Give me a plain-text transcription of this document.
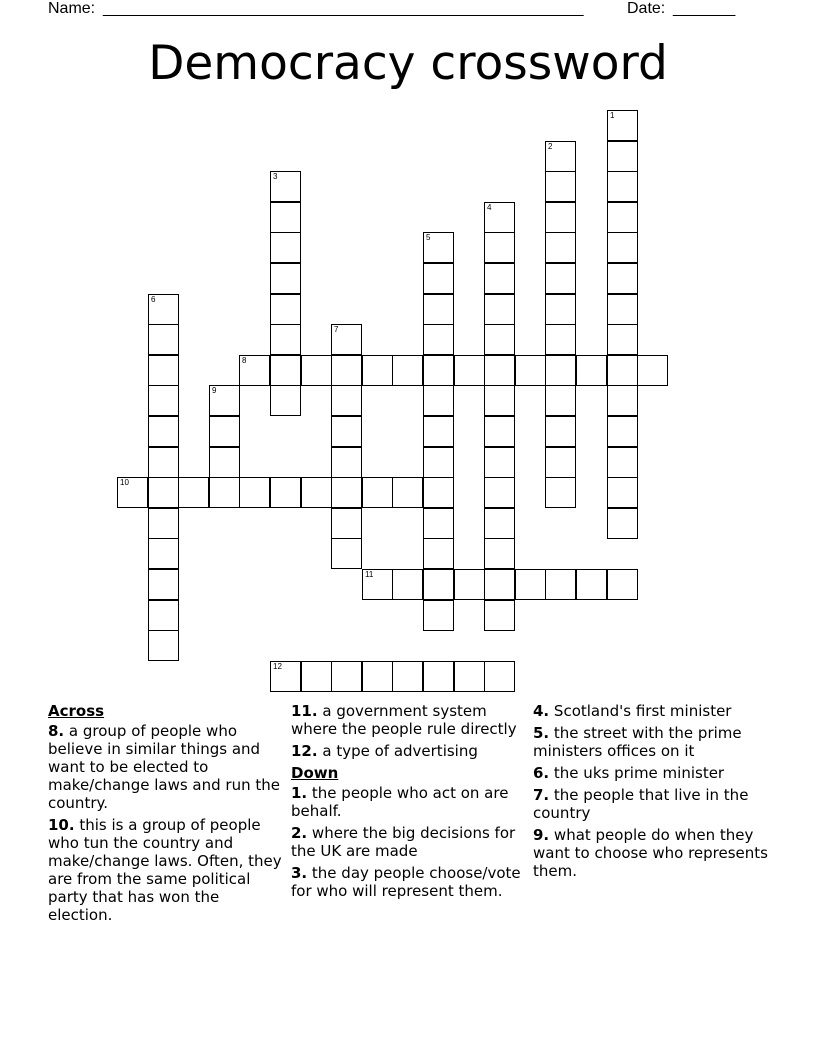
Name: ______________________________________________________	Date: _______
Democracy crossword
1
2
3
4
5
6
7
8
9
10
11
12
Across
8. a group of people who believe in similar things and want to be elected to make/change laws and run the country.
10. this is a group of people who tun the country and make/change laws. Often, they are from the same political party that has won the election.
11. a government system where the people rule directly
12. a type of advertising
Down
1. the people who act on are behalf.
2. where the big decisions for the UK are made
3. the day people choose/vote for who will represent them.
4. Scotland's first minister
5. the street with the prime ministers offices on it
6. the uks prime minister
7. the people that live in the country
9. what people do when they want to choose who represents them.
